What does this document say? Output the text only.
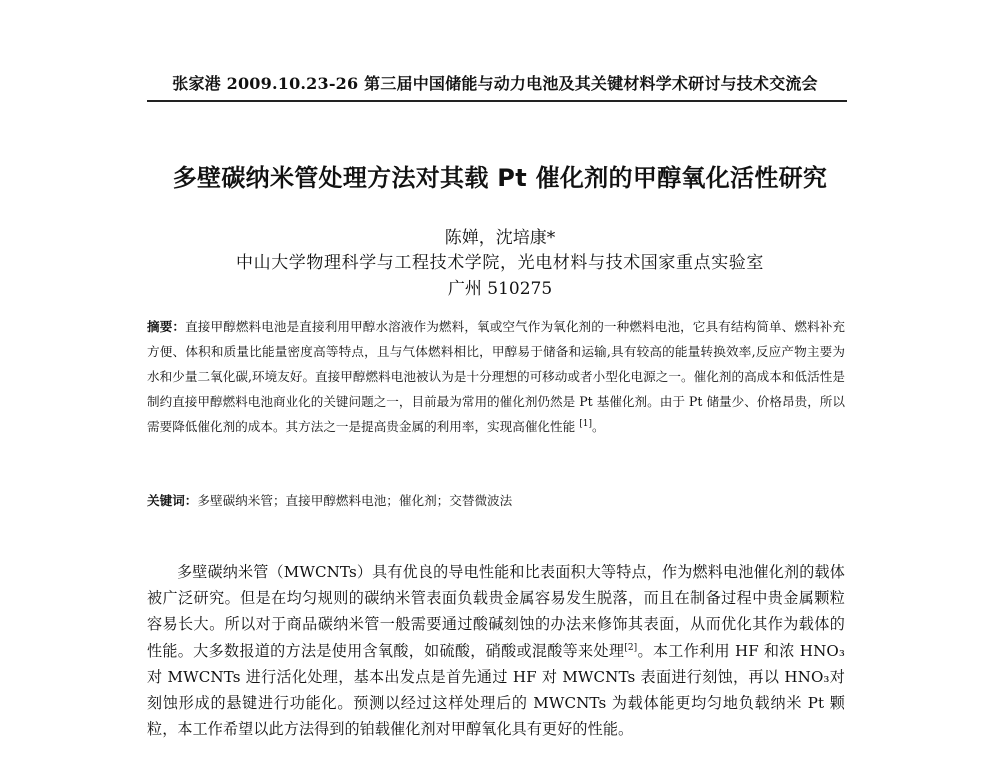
张家港 2009.10.23-26 第三届中国储能与动力电池及其关键材料学术研讨与技术交流会
多壁碳纳米管处理方法对其载 Pt 催化剂的甲醇氧化活性研究
陈婵，沈培康*
中山大学物理科学与工程技术学院，光电材料与技术国家重点实验室
广州 510275
摘要：直接甲醇燃料电池是直接利用甲醇水溶液作为燃料，氧或空气作为氧化剂的一种燃料电池，它具有结构简单、燃料补充方便、体积和质量比能量密度高等特点，且与气体燃料相比，甲醇易于储备和运输,具有较高的能量转换效率,反应产物主要为水和少量二氧化碳,环境友好。直接甲醇燃料电池被认为是十分理想的可移动或者小型化电源之一。催化剂的高成本和低活性是制约直接甲醇燃料电池商业化的关键问题之一，目前最为常用的催化剂仍然是 Pt 基催化剂。由于 Pt 储量少、价格昂贵，所以需要降低催化剂的成本。其方法之一是提高贵金属的利用率，实现高催化性能 [1]。
关键词：多壁碳纳米管；直接甲醇燃料电池；催化剂；交替微波法
多壁碳纳米管（MWCNTs）具有优良的导电性能和比表面积大等特点，作为燃料电池催化剂的载体被广泛研究。但是在均匀规则的碳纳米管表面负载贵金属容易发生脱落，而且在制备过程中贵金属颗粒容易长大。所以对于商品碳纳米管一般需要通过酸碱刻蚀的办法来修饰其表面，从而优化其作为载体的性能。大多数报道的方法是使用含氧酸，如硫酸，硝酸或混酸等来处理[2]。本工作利用 HF 和浓 HNO₃对 MWCNTs 进行活化处理，基本出发点是首先通过 HF 对 MWCNTs 表面进行刻蚀，再以 HNO₃对刻蚀形成的悬键进行功能化。预测以经过这样处理后的 MWCNTs 为载体能更均匀地负载纳米 Pt 颗粒，本工作希望以此方法得到的铂载催化剂对甲醇氧化具有更好的性能。
